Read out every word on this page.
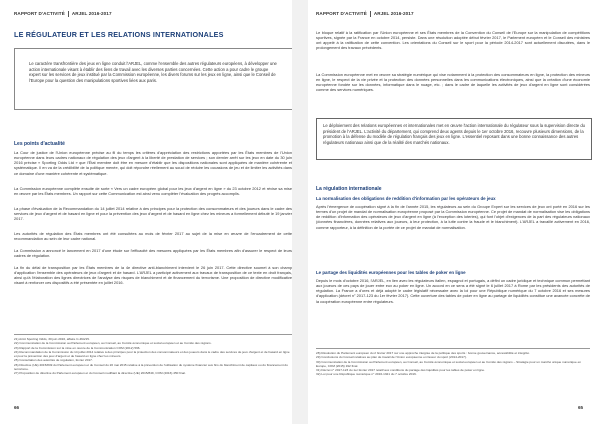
RAPPORT D'ACTIVITÉ ARJEL 2016-2017
LE RÉGULATEUR ET LES RELATIONS INTERNATIONALES
Le caractère transfrontière des jeux en ligne conduit l'ARJEL, comme l'ensemble des autres régulateurs européens, à développer une action internationale visant à établir des liens de travail avec les diverses parties concernées. Cette action a pour cadre le groupe expert sur les services de jeux institué par la Commission européenne, les divers forums sur les jeux en ligne, ainsi que le Conseil de l'Europe pour la question des manipulations sportives liées aux paris.
Les points d'actualité
La Cour de justice de l'Union européenne précise au fil du temps les critères d'appréciation des restrictions apportées par les États membres de l'Union européenne dans leurs cadres nationaux de régulation des jeux d'argent à la liberté de prestation de services ; son dernier arrêt sur les jeux en date du 30 juin 2016 précise « Sporting Odds Ltd » que l'État membre doit être en mesure d'établir que les dispositions nationales sont appliquées de manière cohérente et systématique. Il en va de la crédibilité de la politique menée, qui doit répondre réellement au souci de réduire les occasions de jeu et de limiter les activités dans ce domaine d'une manière cohérente et systématique.
La Commission européenne complète ensuite de sorte « Vers un cadre européen global pour les jeux d'argent en ligne » du 23 octobre 2012 et révise sa mise en œuvre par les États membres. Un rapport sur cette Communication est ainsi venu compléter l'évaluation des progrès accomplis.
La phase d'évaluation de la Recommandation du 14 juillet 2014 relative à des principes pour la protection des consommateurs et des joueurs dans le cadre des services de jeux d'argent et de hasard en ligne et pour la prévention des jeux d'argent et de hasard en ligne chez les mineurs a formellement débuté le 19 janvier 2017.
Les autorités de régulation des États membres ont été consultées au mois de février 2017 au sujet de la mise en œuvre de l'encadrement de cette recommandation au sein de leur cadre national.
La Commission a annoncé le lancement en 2017 d'une étude sur l'efficacité des mesures appliquées par les États membres afin d'assurer le respect de leurs cadres de régulation.
La fin du délai de transposition par les États membres de la 4e directive anti-blanchiment intervient le 26 juin 2017. Cette directive soumet à son champ d'application l'ensemble des opérateurs de jeux d'argent et de hasard. L'ARJEL a participé activement aux travaux de transposition de ce texte en droit français, ainsi qu'à l'élaboration des lignes directrices de l'analyse des risques de blanchiment et de financement du terrorisme. Une proposition de directive modificative visant à renforcer ces dispositifs a été présentée en juillet 2016.
21) Arrêt Sporting Odds, 30 juin 2016, affaire C-464/15.
22) Communication de la Commission au Parlement européen, au Conseil, au Comité économique et social européen et au Comité des régions.
23) Rapport de la Commission sur la mise en œuvre de la Communication COM (2012) 596.
24) Recommandation de la Commission du 14 juillet 2014 relative à des principes pour la protection des consommateurs et des joueurs dans le cadre des services de jeux d'argent et de hasard en ligne et pour la prévention des jeux d'argent et de hasard en ligne chez les mineurs.
25) Consultation des autorités de régulation, février 2017.
26) Directive (UE) 2015/849 du Parlement européen et du Conseil du 20 mai 2015 relative à la prévention de l'utilisation du système financier aux fins du blanchiment de capitaux ou du financement du terrorisme.
27) Proposition de directive du Parlement européen et du Conseil modifiant la directive (UE) 2015/849, COM (2016) 450 final.
66
RAPPORT D'ACTIVITÉ ARJEL 2016-2017
Le bloque relatif à la ratification par l'Union européenne et ses États membres de la Convention du Conseil de l'Europe sur la manipulation de compétitions sportives, signée par la France en octobre 2014, persiste. Dans une résolution adoptée début février 2017, le Parlement européen et le Conseil des ministres ont appelé à la ratification de cette convention. Les orientations du Conseil sur le sport pour la période 2014-2017 sont actuellement discutées, dans le prolongement des travaux précédents.
La Commission européenne met en œuvre sa stratégie numérique qui vise notamment à la protection des consommateurs en ligne, la protection des mineurs en ligne, le respect de la vie privée et la protection des données personnelles dans les communications électroniques, ainsi que la création d'une économie européenne fondée sur les données, informatique dans le nuage, etc. ; dans le cadre de laquelle les activités de jeux d'argent en ligne sont considérées comme des services numériques.
Le déploiement des relations européennes et internationales met en œuvre l'action internationale du régulateur sous la supervision directe du président de l'ARJEL. L'activité du département, qui comprend deux agents depuis le 1er octobre 2016, recouvre plusieurs dimensions, de la promotion à la défense du modèle de régulation français des jeux en ligne. L'essentiel reposant dans une bonne connaissance des autres régulateurs nationaux ainsi que de la réalité des marchés nationaux.
La régulation internationale
La normalisation des obligations de reddition d'information par les opérateurs de jeux
Après l'émergence de coopération signé à la fin de l'année 2015, les régulateurs au sein du Groupe Expert sur les services de jeux ont porté en 2016 sur les termes d'un projet de mandat de normalisation européenne proposé par la Commission européenne. Ce projet de mandat de normalisation vise les obligations de reddition d'information des opérateurs de jeux d'argent en ligne (à l'exception des loteries), qui font l'objet d'exigences de la part des régulateurs nationaux (données financières, données relatives aux joueurs, à leur protection, à la lutte contre la fraude et le blanchiment). L'ARJEL a travaillé activement en 2016, comme rapporteur, à la définition de la portée de ce projet de mandat de normalisation.
Le partage des liquidités européennes pour les tables de poker en ligne
Depuis le mois d'octobre 2016, l'ARJEL, en lien avec les régulateurs italien, espagnol et portugais, a défini un cadre juridique et technique commun permettant aux joueurs de ces pays de jouer entre eux au poker en ligne. Un accord en ce sens a été signé le 6 juillet 2017 à Rome par les présidents des autorités de régulation. La France a d'ores et déjà adopté le cadre législatif nécessaire avec la loi pour une République numérique du 7 octobre 2016 et ses mesures d'application (décret n° 2017-123 du 1er février 2017). Cette ouverture des tables de poker en ligne au partage de liquidités constitue une avancée concrète de la coopération européenne entre régulateurs.
28) Résolution du Parlement européen du 2 février 2017 sur une approche intégrée de la politique des sports : bonne gouvernance, accessibilité et intégrité.
29) Conclusions du Conseil relatives au plan de travail de l'Union européenne en faveur du sport (2014-2017).
30) Communication de la Commission au Parlement européen, au Conseil, au Comité économique et social européen et au Comité des régions – Stratégie pour un marché unique numérique en Europe, COM (2015) 192 final.
31) Décret n° 2017-123 du 1er février 2017 relatif aux conditions du partage des liquidités pour les tables de poker en ligne.
32) Loi pour une République numérique n° 2016-1321 du 7 octobre 2016.
65
